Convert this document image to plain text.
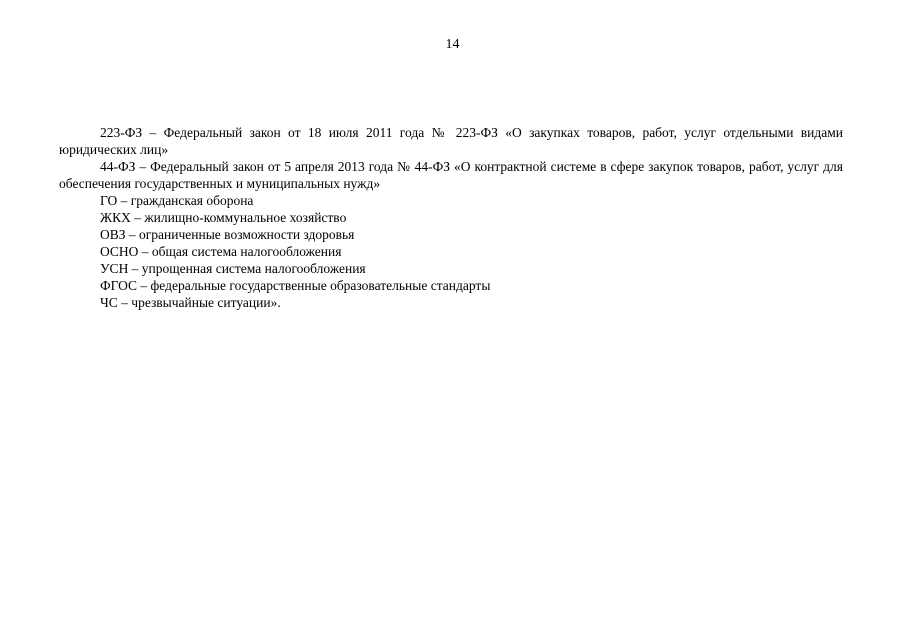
14

223-ФЗ – Федеральный закон от 18 июля 2011 года № 223-ФЗ «О закупках товаров, работ, услуг отдельными видами юридических лиц»

44-ФЗ – Федеральный закон от 5 апреля 2013 года № 44-ФЗ «О контрактной системе в сфере закупок товаров, работ, услуг для обеспечения государственных и муниципальных нужд»

ГО – гражданская оборона

ЖКХ – жилищно-коммунальное хозяйство

ОВЗ – ограниченные возможности здоровья

ОСНО – общая система налогообложения

УСН – упрощенная система налогообложения

ФГОС – федеральные государственные образовательные стандарты

ЧС – чрезвычайные ситуации».
